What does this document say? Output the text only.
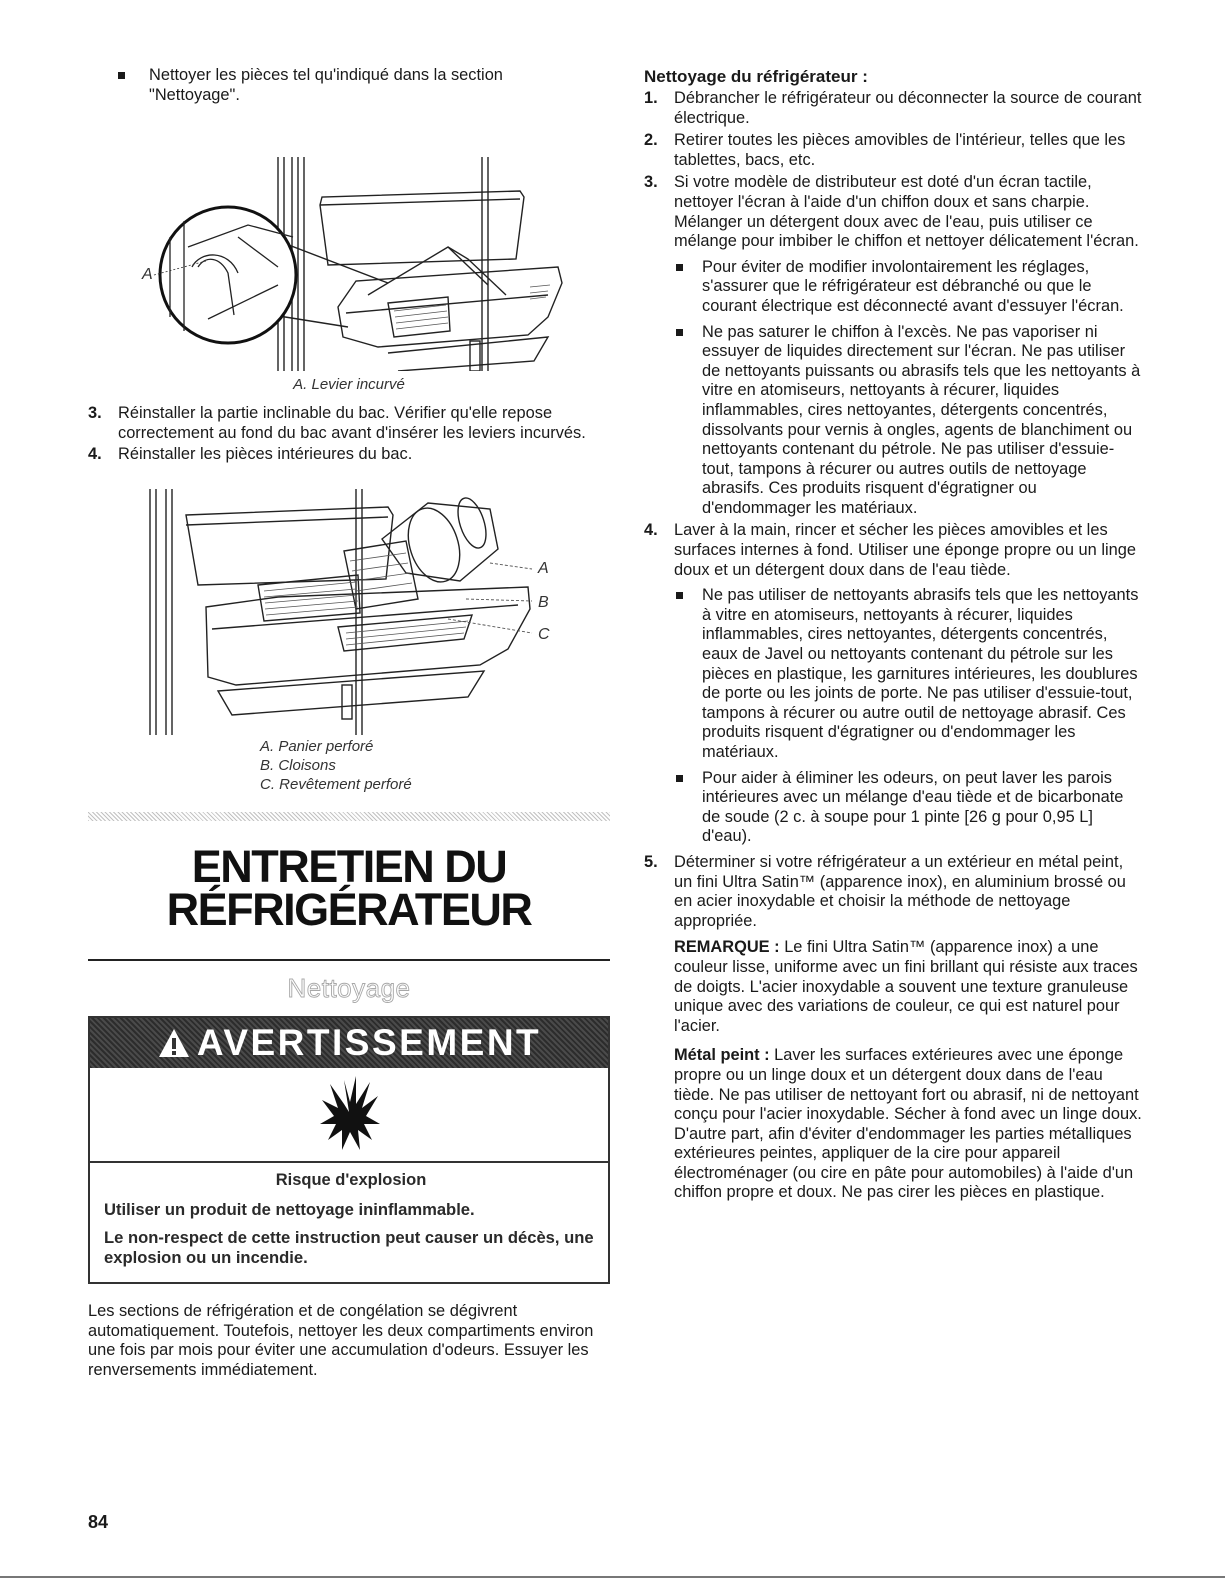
Nettoyer les pièces tel qu'indiqué dans la section "Nettoyage".
A
A. Levier incurvé
3. Réinstaller la partie inclinable du bac. Vérifier qu'elle repose correctement au fond du bac avant d'insérer les leviers incurvés.
4. Réinstaller les pièces intérieures du bac.
A
B
C
A. Panier perforé
B. Cloisons
C. Revêtement perforé
ENTRETIEN DU
RÉFRIGÉRATEUR
Nettoyage
AVERTISSEMENT
Risque d'explosion
Utiliser un produit de nettoyage ininflammable.
Le non-respect de cette instruction peut causer un décès, une explosion ou un incendie.
Les sections de réfrigération et de congélation se dégivrent automatiquement. Toutefois, nettoyer les deux compartiments environ une fois par mois pour éviter une accumulation d'odeurs. Essuyer les renversements immédiatement.
Nettoyage du réfrigérateur :
1. Débrancher le réfrigérateur ou déconnecter la source de courant électrique.
2. Retirer toutes les pièces amovibles de l'intérieur, telles que les tablettes, bacs, etc.
3. Si votre modèle de distributeur est doté d'un écran tactile, nettoyer l'écran à l'aide d'un chiffon doux et sans charpie. Mélanger un détergent doux avec de l'eau, puis utiliser ce mélange pour imbiber le chiffon et nettoyer délicatement l'écran.
Pour éviter de modifier involontairement les réglages, s'assurer que le réfrigérateur est débranché ou que le courant électrique est déconnecté avant d'essuyer l'écran.
Ne pas saturer le chiffon à l'excès. Ne pas vaporiser ni essuyer de liquides directement sur l'écran. Ne pas utiliser de nettoyants puissants ou abrasifs tels que les nettoyants à vitre en atomiseurs, nettoyants à récurer, liquides inflammables, cires nettoyantes, détergents concentrés, dissolvants pour vernis à ongles, agents de blanchiment ou nettoyants contenant du pétrole. Ne pas utiliser d'essuie-tout, tampons à récurer ou autres outils de nettoyage abrasifs. Ces produits risquent d'égratigner ou d'endommager les matériaux.
4. Laver à la main, rincer et sécher les pièces amovibles et les surfaces internes à fond. Utiliser une éponge propre ou un linge doux et un détergent doux dans de l'eau tiède.
Ne pas utiliser de nettoyants abrasifs tels que les nettoyants à vitre en atomiseurs, nettoyants à récurer, liquides inflammables, cires nettoyantes, détergents concentrés, eaux de Javel ou nettoyants contenant du pétrole sur les pièces en plastique, les garnitures intérieures, les doublures de porte ou les joints de porte. Ne pas utiliser d'essuie-tout, tampons à récurer ou autre outil de nettoyage abrasif. Ces produits risquent d'égratigner ou d'endommager les matériaux.
Pour aider à éliminer les odeurs, on peut laver les parois intérieures avec un mélange d'eau tiède et de bicarbonate de soude (2 c. à soupe pour 1 pinte [26 g pour 0,95 L] d'eau).
5. Déterminer si votre réfrigérateur a un extérieur en métal peint, un fini Ultra Satin™ (apparence inox), en aluminium brossé ou en acier inoxydable et choisir la méthode de nettoyage appropriée.
REMARQUE : Le fini Ultra Satin™ (apparence inox) a une couleur lisse, uniforme avec un fini brillant qui résiste aux traces de doigts. L'acier inoxydable a souvent une texture granuleuse unique avec des variations de couleur, ce qui est naturel pour l'acier.
Métal peint : Laver les surfaces extérieures avec une éponge propre ou un linge doux et un détergent doux dans de l'eau tiède. Ne pas utiliser de nettoyant fort ou abrasif, ni de nettoyant conçu pour l'acier inoxydable. Sécher à fond avec un linge doux. D'autre part, afin d'éviter d'endommager les parties métalliques extérieures peintes, appliquer de la cire pour appareil électroménager (ou cire en pâte pour automobiles) à l'aide d'un chiffon propre et doux. Ne pas cirer les pièces en plastique.
84
